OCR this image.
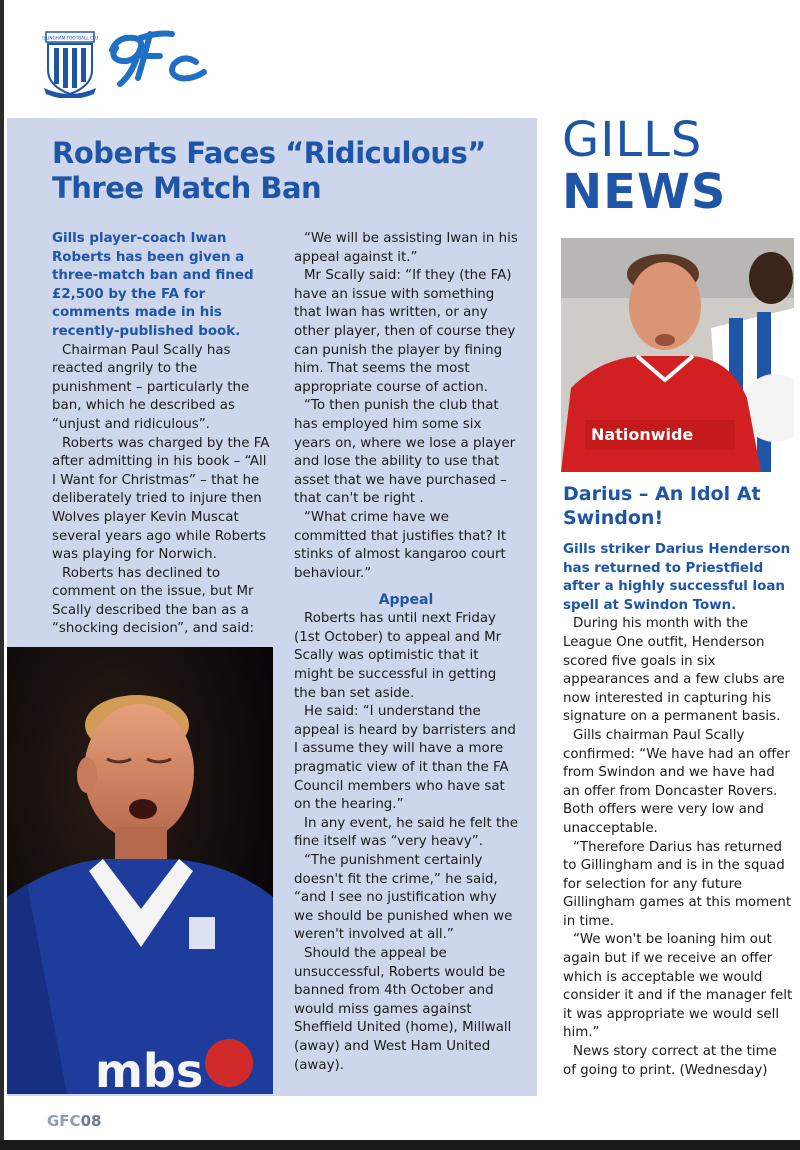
GILLINGHAM FOOTBALL CLUB
gfc
Roberts Faces “Ridiculous” Three Match Ban

Gills player-coach Iwan Roberts has been given a three-match ban and fined £2,500 by the FA for comments made in his recently-published book.

Chairman Paul Scally has reacted angrily to the punishment – particularly the ban, which he described as “unjust and ridiculous”.

Roberts was charged by the FA after admitting in his book – “All I Want for Christmas” – that he deliberately tried to injure then Wolves player Kevin Muscat several years ago while Roberts was playing for Norwich.

Roberts has declined to comment on the issue, but Mr Scally described the ban as a “shocking decision”, and said:

“We will be assisting Iwan in his appeal against it.”

Mr Scally said: “If they (the FA) have an issue with something that Iwan has written, or any other player, then of course they can punish the player by fining him. That seems the most appropriate course of action.

“To then punish the club that has employed him some six years on, where we lose a player and lose the ability to use that asset that we have purchased – that can't be right .

“What crime have we committed that justifies that? It stinks of almost kangaroo court behaviour.”

Appeal

Roberts has until next Friday (1st October) to appeal and Mr Scally was optimistic that it might be successful in getting the ban set aside.

He said: “I understand the appeal is heard by barristers and I assume they will have a more pragmatic view of it than the FA Council members who have sat on the hearing.”

In any event, he said he felt the fine itself was “very heavy”.

“The punishment certainly doesn't fit the crime,” he said, “and I see no justification why we should be punished when we weren't involved at all.”

Should the appeal be unsuccessful, Roberts would be banned from 4th October and would miss games against Sheffield United (home), Millwall (away) and West Ham United (away).

mbs
GILLS
NEWS
Nationwide
Darius – An Idol At Swindon!

Gills striker Darius Henderson has returned to Priestfield after a highly successful loan spell at Swindon Town.

During his month with the League One outfit, Henderson scored five goals in six appearances and a few clubs are now interested in capturing his signature on a permanent basis.

Gills chairman Paul Scally confirmed: “We have had an offer from Swindon and we have had an offer from Doncaster Rovers. Both offers were very low and unacceptable.

“Therefore Darius has returned to Gillingham and is in the squad for selection for any future Gillingham games at this moment in time.

“We won't be loaning him out again but if we receive an offer which is acceptable we would consider it and if the manager felt it was appropriate we would sell him.”

News story correct at the time of going to print. (Wednesday)

GFC08
